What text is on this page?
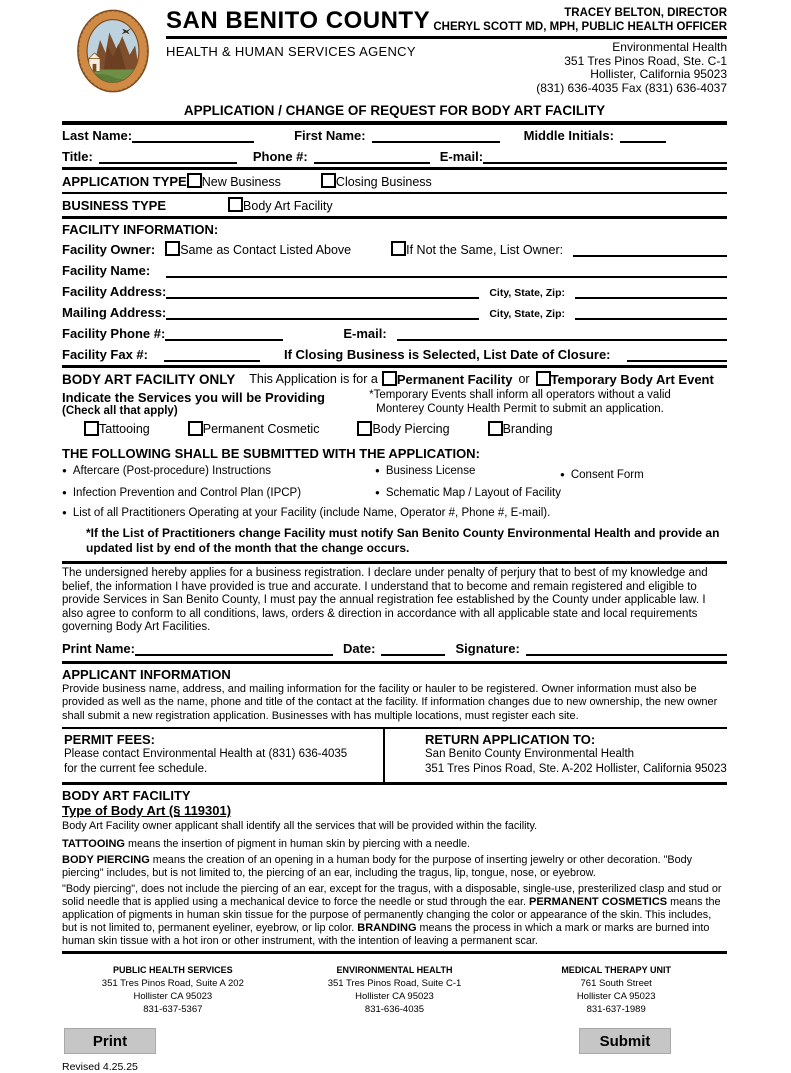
SAN BENITO COUNTY	TRACEY BELTON, DIRECTOR
CHERYL SCOTT MD, MPH, PUBLIC HEALTH OFFICER
HEALTH & HUMAN SERVICES AGENCY	Environmental Health
351 Tres Pinos Road, Ste. C-1
Hollister, California 95023
(831) 636-4035 Fax (831) 636-4037
APPLICATION / CHANGE OF REQUEST FOR BODY ART FACILITY
Last Name:	First Name:	Middle Initials:
Title:	Phone #:	E-mail:
APPLICATION TYPE New Business	Closing Business
BUSINESS TYPE	Body Art Facility
FACILITY INFORMATION:
Facility Owner: Same as Contact Listed Above	If Not the Same, List Owner:
Facility Name:
Facility Address:	City, State, Zip:
Mailing Address:	City, State, Zip:
Facility Phone #:	E-mail:
Facility Fax #:	If Closing Business is Selected, List Date of Closure:
BODY ART FACILITY ONLY This Application is for a Permanent Facility or Temporary Body Art Event
*Temporary Events shall inform all operators without a valid
Monterey County Health Permit to submit an application.
Indicate the Services you will be Providing
(Check all that apply)
Tattooing	Permanent Cosmetic	Body Piercing	Branding
THE FOLLOWING SHALL BE SUBMITTED WITH THE APPLICATION:
● Aftercare (Post-procedure) Instructions	● Business License	● Consent Form
● Infection Prevention and Control Plan (IPCP)	● Schematic Map / Layout of Facility
● List of all Practitioners Operating at your Facility (include Name, Operator #, Phone #, E-mail).
*If the List of Practitioners change Facility must notify San Benito County Environmental Health and provide an updated list by end of the month that the change occurs.
The undersigned hereby applies for a business registration. I declare under penalty of perjury that to best of my knowledge and belief, the information I have provided is true and accurate. I understand that to become and remain registered and eligible to provide Services in San Benito County, I must pay the annual registration fee established by the County under applicable law. I also agree to conform to all conditions, laws, orders & direction in accordance with all applicable state and local requirements governing Body Art Facilities.
Print Name:	Date:	Signature:
APPLICANT INFORMATION
Provide business name, address, and mailing information for the facility or hauler to be registered. Owner information must also be provided as well as the name, phone and title of the contact at the facility. If information changes due to new ownership, the new owner shall submit a new registration application. Businesses with has multiple locations, must register each site.
PERMIT FEES:
Please contact Environmental Health at (831) 636-4035
for the current fee schedule.
RETURN APPLICATION TO:
San Benito County Environmental Health
351 Tres Pinos Road, Ste. A-202 Hollister, California 95023
BODY ART FACILITY
Type of Body Art (§ 119301)
Body Art Facility owner applicant shall identify all the services that will be provided within the facility.
TATTOOING means the insertion of pigment in human skin by piercing with a needle.
BODY PIERCING means the creation of an opening in a human body for the purpose of inserting jewelry or other decoration. "Body piercing" includes, but is not limited to, the piercing of an ear, including the tragus, lip, tongue, nose, or eyebrow.
"Body piercing", does not include the piercing of an ear, except for the tragus, with a disposable, single-use, presterilized clasp and stud or solid needle that is applied using a mechanical device to force the needle or stud through the ear. PERMANENT COSMETICS means the application of pigments in human skin tissue for the purpose of permanently changing the color or appearance of the skin. This includes, but is not limited to, permanent eyeliner, eyebrow, or lip color. BRANDING means the process in which a mark or marks are burned into human skin tissue with a hot iron or other instrument, with the intention of leaving a permanent scar.
PUBLIC HEALTH SERVICES
351 Tres Pinos Road, Suite A 202
Hollister CA 95023
831-637-5367
ENVIRONMENTAL HEALTH
351 Tres Pinos Road, Suite C-1
Hollister CA 95023
831-636-4035
MEDICAL THERAPY UNIT
761 South Street
Hollister CA 95023
831-637-1989
Print	Submit
Revised 4.25.25
